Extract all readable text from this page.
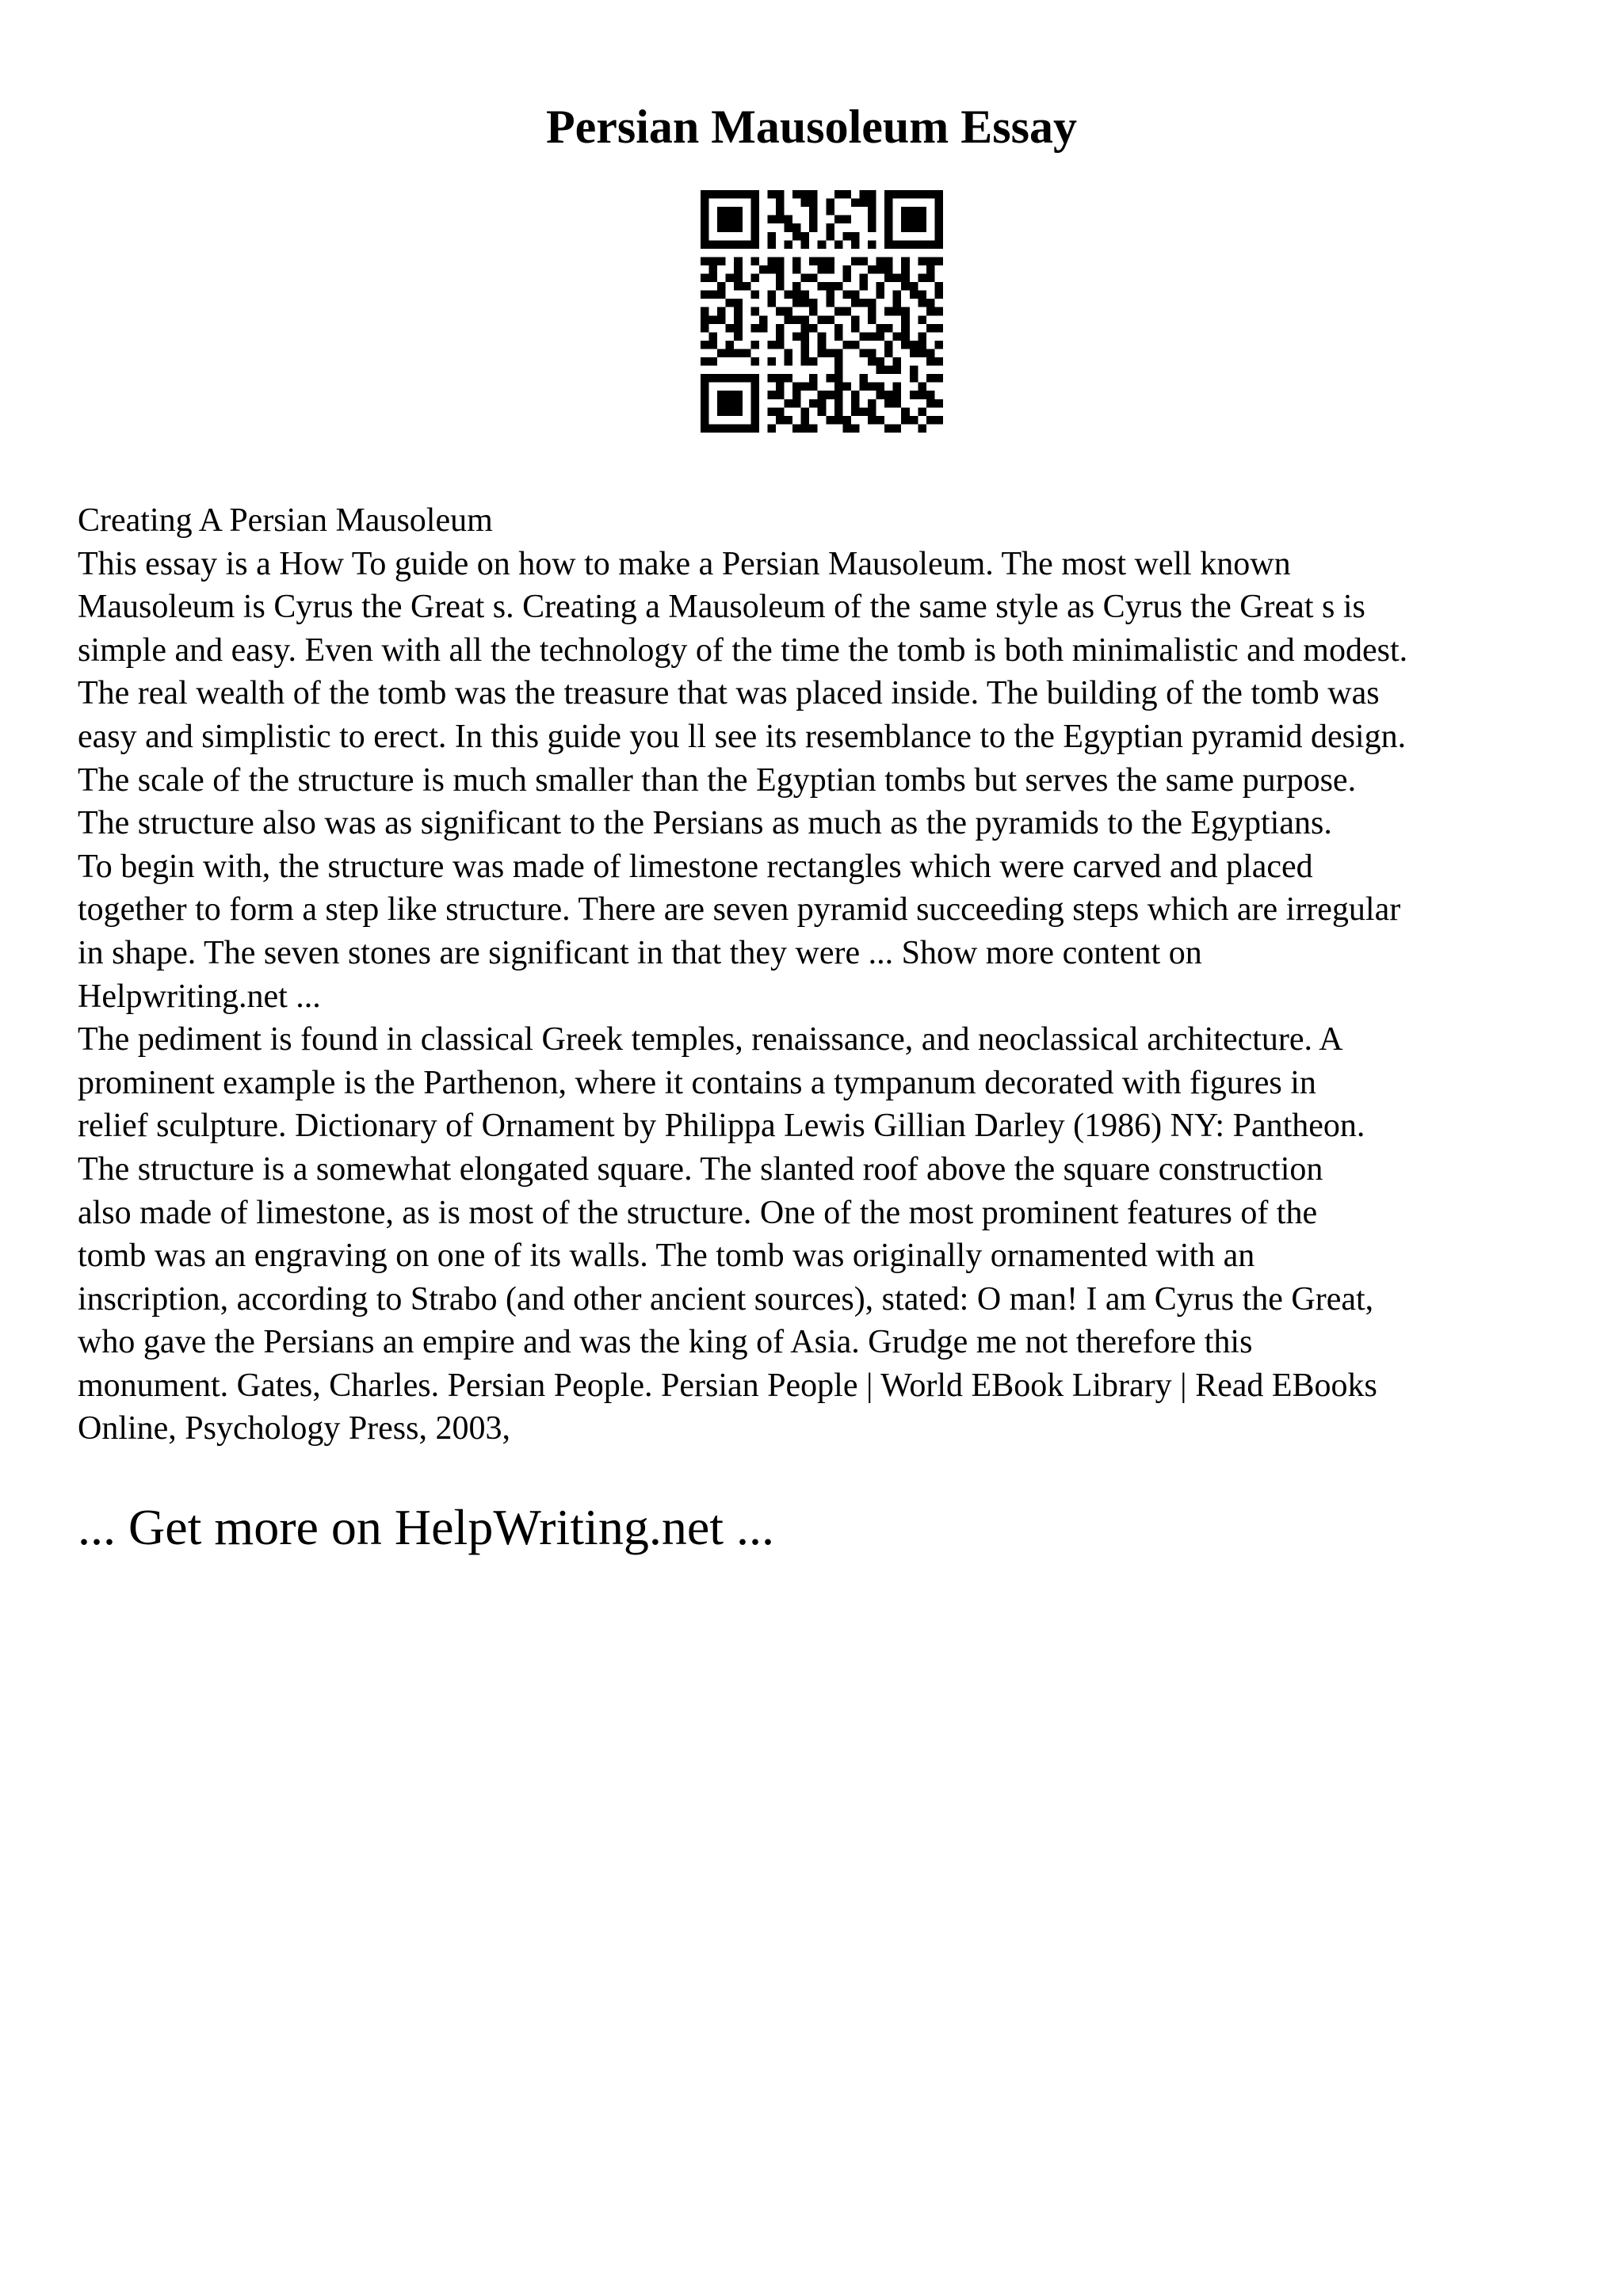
Persian Mausoleum Essay
Creating A Persian Mausoleum
This essay is a How To guide on how to make a Persian Mausoleum. The most well known
Mausoleum is Cyrus the Great s. Creating a Mausoleum of the same style as Cyrus the Great s is
simple and easy. Even with all the technology of the time the tomb is both minimalistic and modest.
The real wealth of the tomb was the treasure that was placed inside. The building of the tomb was
easy and simplistic to erect. In this guide you ll see its resemblance to the Egyptian pyramid design.
The scale of the structure is much smaller than the Egyptian tombs but serves the same purpose.
The structure also was as significant to the Persians as much as the pyramids to the Egyptians.
To begin with, the structure was made of limestone rectangles which were carved and placed
together to form a step like structure. There are seven pyramid succeeding steps which are irregular
in shape. The seven stones are significant in that they were ... Show more content on
Helpwriting.net ...
The pediment is found in classical Greek temples, renaissance, and neoclassical architecture. A
prominent example is the Parthenon, where it contains a tympanum decorated with figures in
relief sculpture. Dictionary of Ornament by Philippa Lewis Gillian Darley (1986) NY: Pantheon.
The structure is a somewhat elongated square. The slanted roof above the square construction
also made of limestone, as is most of the structure. One of the most prominent features of the
tomb was an engraving on one of its walls. The tomb was originally ornamented with an
inscription, according to Strabo (and other ancient sources), stated: O man! I am Cyrus the Great,
who gave the Persians an empire and was the king of Asia. Grudge me not therefore this
monument. Gates, Charles. Persian People. Persian People | World EBook Library | Read EBooks
Online, Psychology Press, 2003,
... Get more on HelpWriting.net ...
